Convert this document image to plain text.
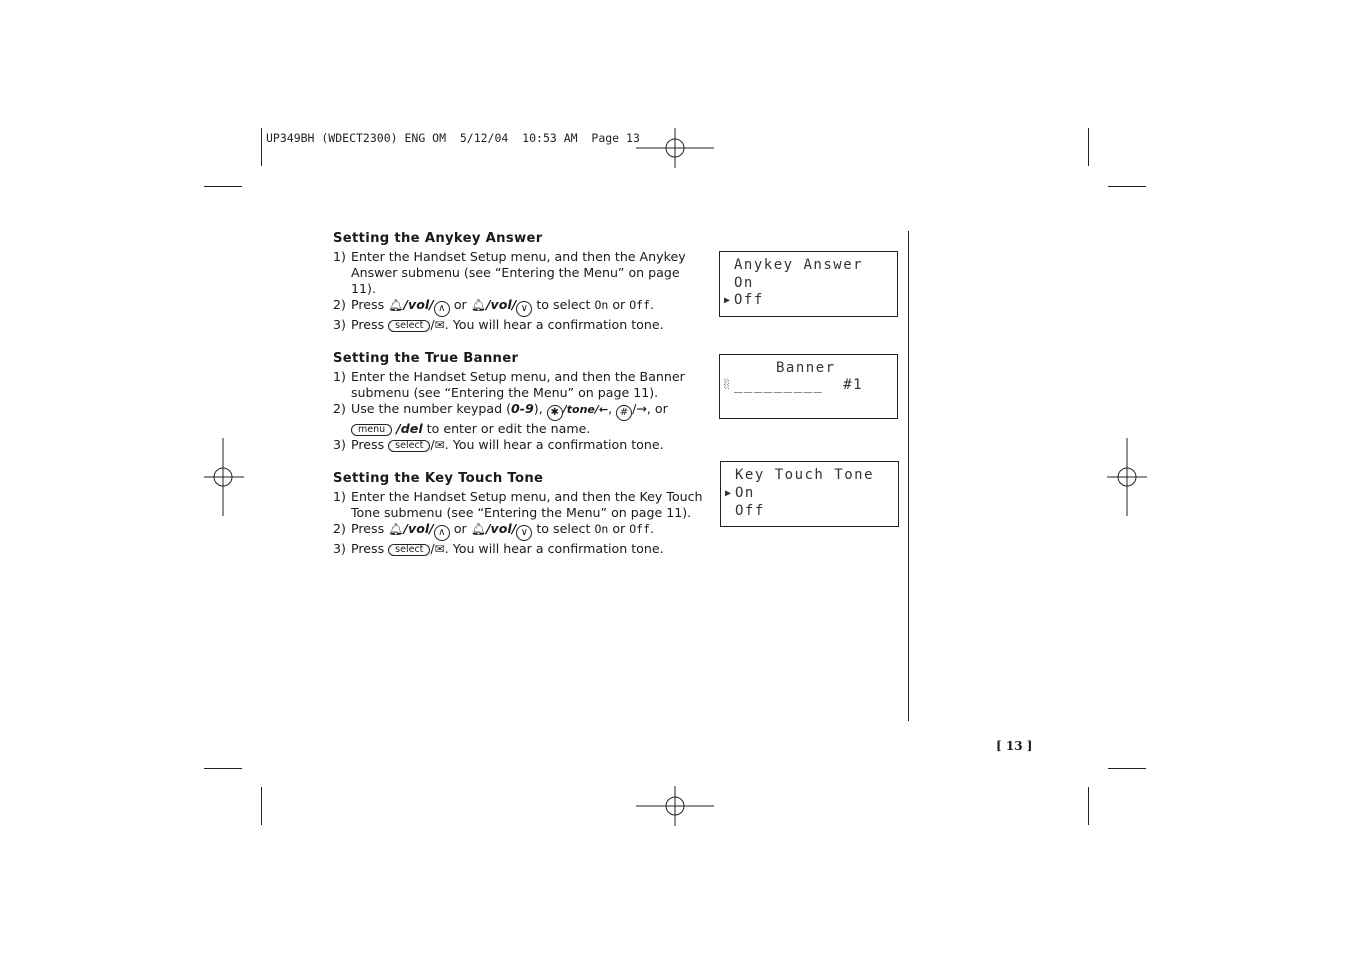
UP349BH (WDECT2300) ENG OM  5/12/04  10:53 AM  Page 13
Setting the Anykey Answer
1) Enter the Handset Setup menu, and then the Anykey Answer submenu (see “Entering the Menu” on page 11).
2) Press 🔔︎/vol/ ∧ or 🔔︎/vol/ ∨ to select On or Off.
3) Press select /✉︎. You will hear a confirmation tone.
Setting the True Banner
1) Enter the Handset Setup menu, and then the Banner submenu (see “Entering the Menu” on page 11).
2) Use the number keypad (0-9), ✱ /tone/←, # /→, or menu /del to enter or edit the name.
3) Press select /✉︎. You will hear a confirmation tone.
Setting the Key Touch Tone
1) Enter the Handset Setup menu, and then the Key Touch Tone submenu (see “Entering the Menu” on page 11).
2) Press 🔔︎/vol/ ∧ or 🔔︎/vol/ ∨ to select On or Off.
3) Press select /✉︎. You will hear a confirmation tone.
Anykey Answer
On
▶ Off
Banner
░ _________  #1
Key Touch Tone
▶ On
Off
[ 13 ]
